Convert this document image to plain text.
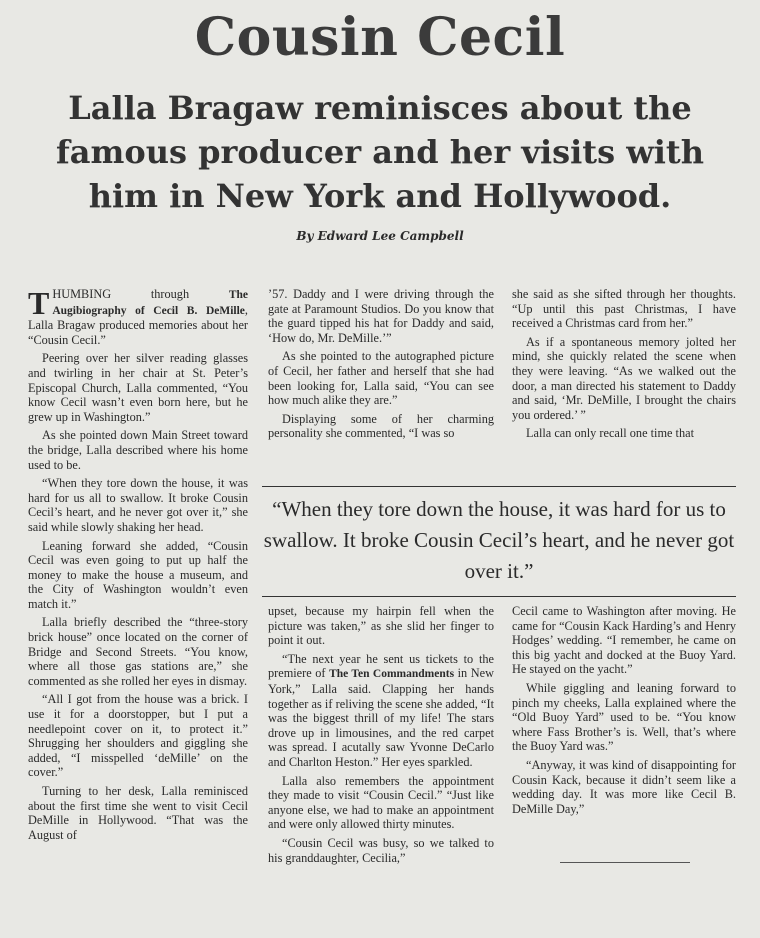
Cousin Cecil
Lalla Bragaw reminisces about the famous producer and her visits with him in New York and Hollywood.
By Edward Lee Campbell

THUMBING through The Augibiography of Cecil B. DeMille, Lalla Bragaw produced memories about her “Cousin Cecil.”

Peering over her silver reading glasses and twirling in her chair at St. Peter’s Episcopal Church, Lalla commented, “You know Cecil wasn’t even born here, but he grew up in Washington.”

As she pointed down Main Street toward the bridge, Lalla described where his home used to be.

“When they tore down the house, it was hard for us all to swallow. It broke Cousin Cecil’s heart, and he never got over it,” she said while slowly shaking her head.

Leaning forward she added, “Cousin Cecil was even going to put up half the money to make the house a museum, and the City of Washington wouldn’t even match it.”

Lalla briefly described the “three-story brick house” once located on the corner of Bridge and Second Streets. “You know, where all those gas stations are,” she commented as she rolled her eyes in dismay.

“All I got from the house was a brick. I use it for a doorstopper, but I put a needlepoint cover on it, to protect it.” Shrugging her shoulders and giggling she added, “I misspelled ‘deMille’ on the cover.”

Turning to her desk, Lalla reminisced about the first time she went to visit Cecil DeMille in Hollywood. “That was the August of

’57. Daddy and I were driving through the gate at Paramount Studios. Do you know that the guard tipped his hat for Daddy and said, ‘How do, Mr. DeMille.’”

As she pointed to the autographed picture of Cecil, her father and herself that she had been looking for, Lalla said, “You can see how much alike they are.”

Displaying some of her charming personality she commented, “I was so

she said as she sifted through her thoughts. “Up until this past Christmas, I have received a Christmas card from her.”

As if a spontaneous memory jolted her mind, she quickly related the scene when they were leaving. “As we walked out the door, a man directed his statement to Daddy and said, ‘Mr. DeMille, I brought the chairs you ordered.’ ”

Lalla can only recall one time that

“When they tore down the house, it was hard for us to swallow. It broke Cousin Cecil’s heart, and he never got over it.”

upset, because my hairpin fell when the picture was taken,” as she slid her finger to point it out.

“The next year he sent us tickets to the premiere of The Ten Commandments in New York,” Lalla said. Clapping her hands together as if reliving the scene she added, “It was the biggest thrill of my life! The stars drove up in limousines, and the red carpet was spread. I acutally saw Yvonne DeCarlo and Charlton Heston.” Her eyes sparkled.

Lalla also remembers the appointment they made to visit “Cousin Cecil.” “Just like anyone else, we had to make an appointment and were only allowed thirty minutes.

“Cousin Cecil was busy, so we talked to his granddaughter, Cecilia,”

Cecil came to Washington after moving. He came for “Cousin Kack Harding’s and Henry Hodges’ wedding. “I remember, he came on this big yacht and docked at the Buoy Yard. He stayed on the yacht.”

While giggling and leaning forward to pinch my cheeks, Lalla explained where the “Old Buoy Yard” used to be. “You know where Fass Brother’s is. Well, that’s where the Buoy Yard was.”

“Anyway, it was kind of disappointing for Cousin Kack, because it didn’t seem like a wedding day. It was more like Cecil B. DeMille Day,”
